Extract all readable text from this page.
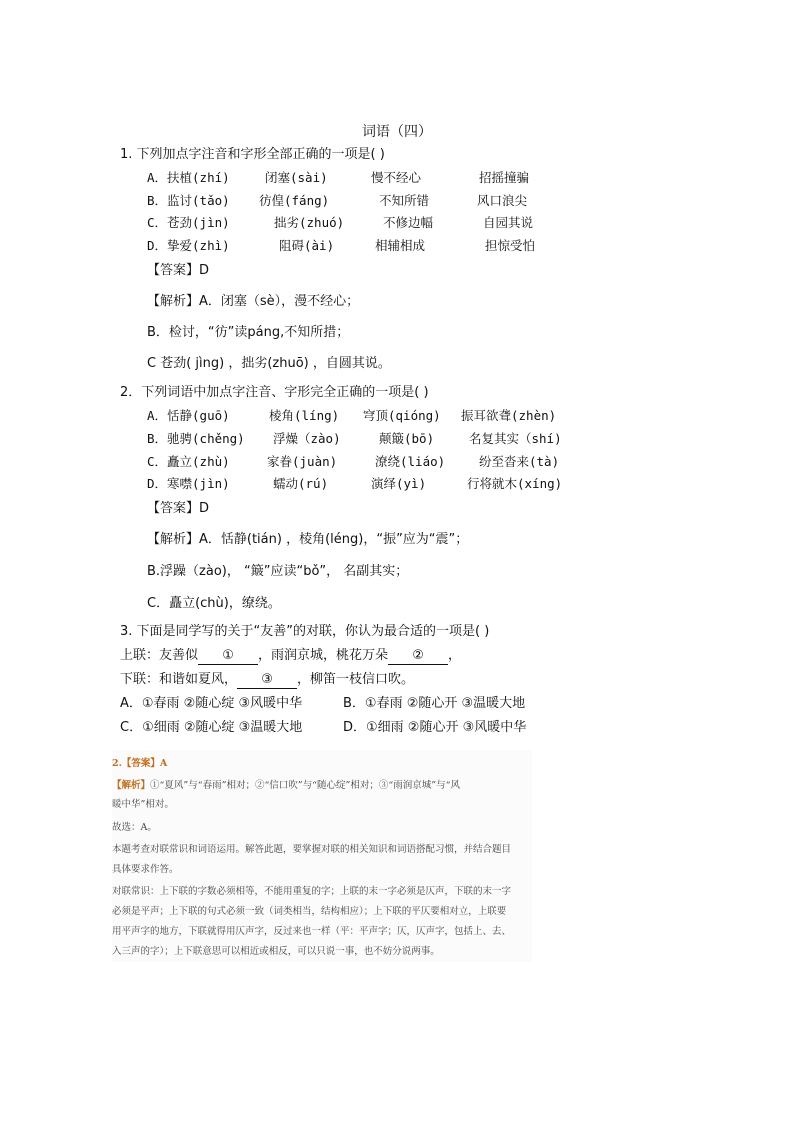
词语（四）
1. 下列加点字注音和字形全部正确的一项是( )
A．扶植(zhí)	闭塞(sài)	慢不经心	招摇撞骗
B．监讨(tǎo) 彷偟(fáng)	不知所错	风口浪尖
C．苍劲(jìn)	拙劣(zhuó)	不修边幅	自园其说
D．挚爱(zhì)	阻碍(ài)	相辅相成	担惊受怕
【答案】D
【解析】A．闭塞（sè），漫不经心；
B．检讨，“彷”读páng,不知所措；
C 苍劲( jìng) ，拙劣(zhuō) ，自圆其说。
2．下列词语中加点字注音、字形完全正确的一项是( )
A．恬静(guō)	棱角(líng) 穹顶(qióng) 振耳欲聋(zhèn)
B．驰骋(chěng) 浮燥（zào)	颠簸(bō)	名复其实（shí)
C．矗立(zhù)	家眷(juàn)	潦绕(liáo)	纷至沓来(tà)
D．寒噤(jìn)	蠕动(rú)	演绎(yì)	行将就木(xíng)
【答案】D
【解析】A．恬静(tián) ，棱角(léng)，“振”应为“震”；
B.浮躁（zào)， “簸”应读“bǒ”， 名副其实；
C．矗立(chù)，缭绕。
3. 下面是同学写的关于“友善”的对联，你认为最合适的一项是( )
上联：友善似 ① ，雨润京城，桃花万朵 ② ，
下联：和谐如夏风， ③ ，柳笛一枝信口吹。
A．①春雨 ②随心绽 ③风暖中华	B．①春雨 ②随心开 ③温暖大地
C．①细雨 ②随心绽 ③温暖大地	D．①细雨 ②随心开 ③风暖中华
2.【答案】A
【解析】①“夏风”与“春雨”相对；②“信口吹”与“随心绽”相对；③“雨润京城”与“风
暖中华”相对。
故选：A。
本题考查对联常识和词语运用。解答此题，要掌握对联的相关知识和词语搭配习惯，并结合题目
具体要求作答。
对联常识：上下联的字数必须相等，不能用重复的字；上联的末一字必须是仄声，下联的末一字
必须是平声；上下联的句式必须一致（词类相当，结构相应）；上下联的平仄要相对立，上联要
用平声字的地方，下联就得用仄声字，反过来也一样（平：平声字；仄，仄声字，包括上、去、
入三声的字）；上下联意思可以相近或相反，可以只说一事，也不妨分说两事。
